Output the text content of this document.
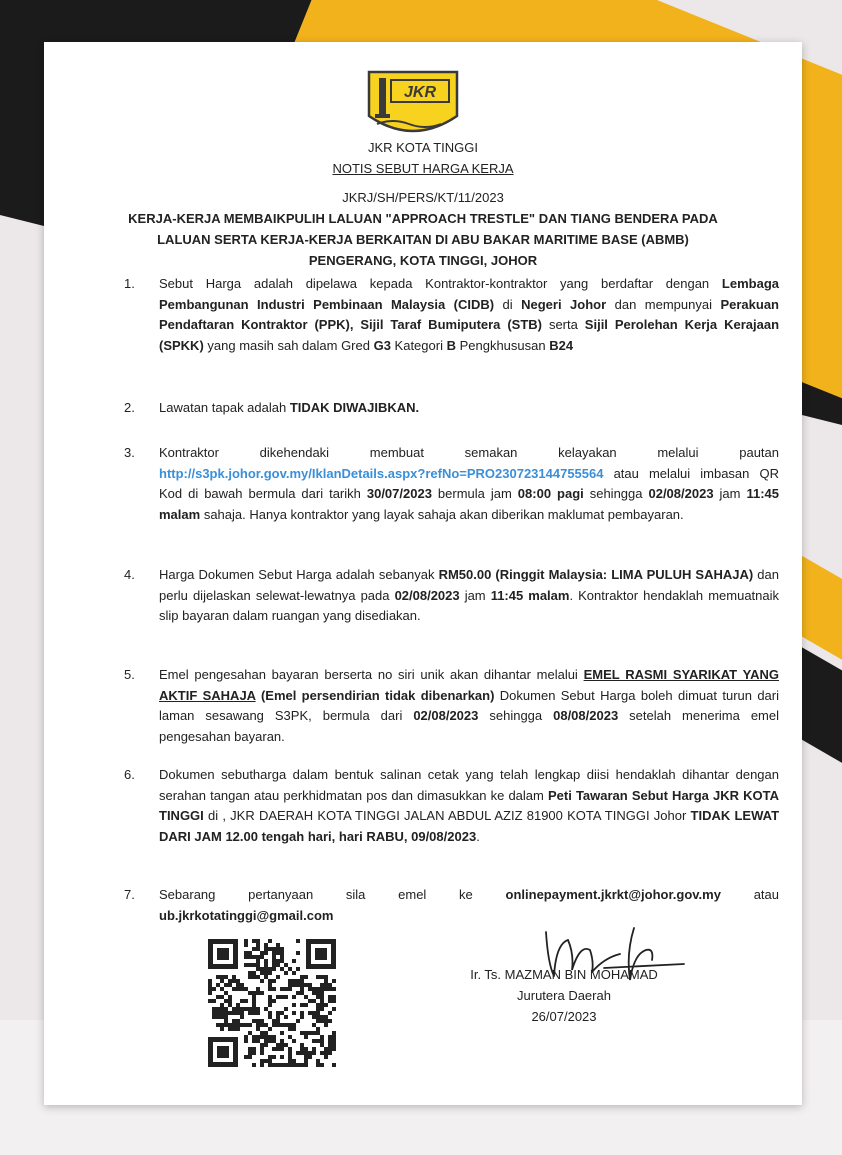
JKR
JKR KOTA TINGGI
NOTIS SEBUT HARGA KERJA
JKRJ/SH/PERS/KT/11/2023
KERJA-KERJA MEMBAIKPULIH LALUAN "APPROACH TRESTLE" DAN TIANG BENDERA PADA
LALUAN SERTA KERJA-KERJA BERKAITAN DI ABU BAKAR MARITIME BASE (ABMB)
PENGERANG, KOTA TINGGI, JOHOR
1. Sebut Harga adalah dipelawa kepada Kontraktor-kontraktor yang berdaftar dengan Lembaga Pembangunan Industri Pembinaan Malaysia (CIDB) di Negeri Johor dan mempunyai Perakuan Pendaftaran Kontraktor (PPK), Sijil Taraf Bumiputera (STB) serta Sijil Perolehan Kerja Kerajaan (SPKK) yang masih sah dalam Gred G3 Kategori B Pengkhususan B24
2. Lawatan tapak adalah TIDAK DIWAJIBKAN.
3. Kontraktor dikehendaki membuat semakan kelayakan melalui pautan http://s3pk.johor.gov.my/IklanDetails.aspx?refNo=PRO230723144755564 atau melalui imbasan QR Kod di bawah bermula dari tarikh 30/07/2023 bermula jam 08:00 pagi sehingga 02/08/2023 jam 11:45 malam sahaja. Hanya kontraktor yang layak sahaja akan diberikan maklumat pembayaran.
4. Harga Dokumen Sebut Harga adalah sebanyak RM50.00 (Ringgit Malaysia: LIMA PULUH SAHAJA) dan perlu dijelaskan selewat-lewatnya pada 02/08/2023 jam 11:45 malam. Kontraktor hendaklah memuatnaik slip bayaran dalam ruangan yang disediakan.
5. Emel pengesahan bayaran berserta no siri unik akan dihantar melalui EMEL RASMI SYARIKAT YANG AKTIF SAHAJA (Emel persendirian tidak dibenarkan) Dokumen Sebut Harga boleh dimuat turun dari laman sesawang S3PK, bermula dari 02/08/2023 sehingga 08/08/2023 setelah menerima emel pengesahan bayaran.
6. Dokumen sebutharga dalam bentuk salinan cetak yang telah lengkap diisi hendaklah dihantar dengan serahan tangan atau perkhidmatan pos dan dimasukkan ke dalam Peti Tawaran Sebut Harga JKR KOTA TINGGI di , JKR DAERAH KOTA TINGGI JALAN ABDUL AZIZ 81900 KOTA TINGGI Johor TIDAK LEWAT DARI JAM 12.00 tengah hari, hari RABU, 09/08/2023.
7. Sebarang pertanyaan sila emel ke onlinepayment.jkrkt@johor.gov.my atau ub.jkrkotatinggi@gmail.com
Ir. Ts. MAZMAN BIN MOHAMAD
Jurutera Daerah
26/07/2023
